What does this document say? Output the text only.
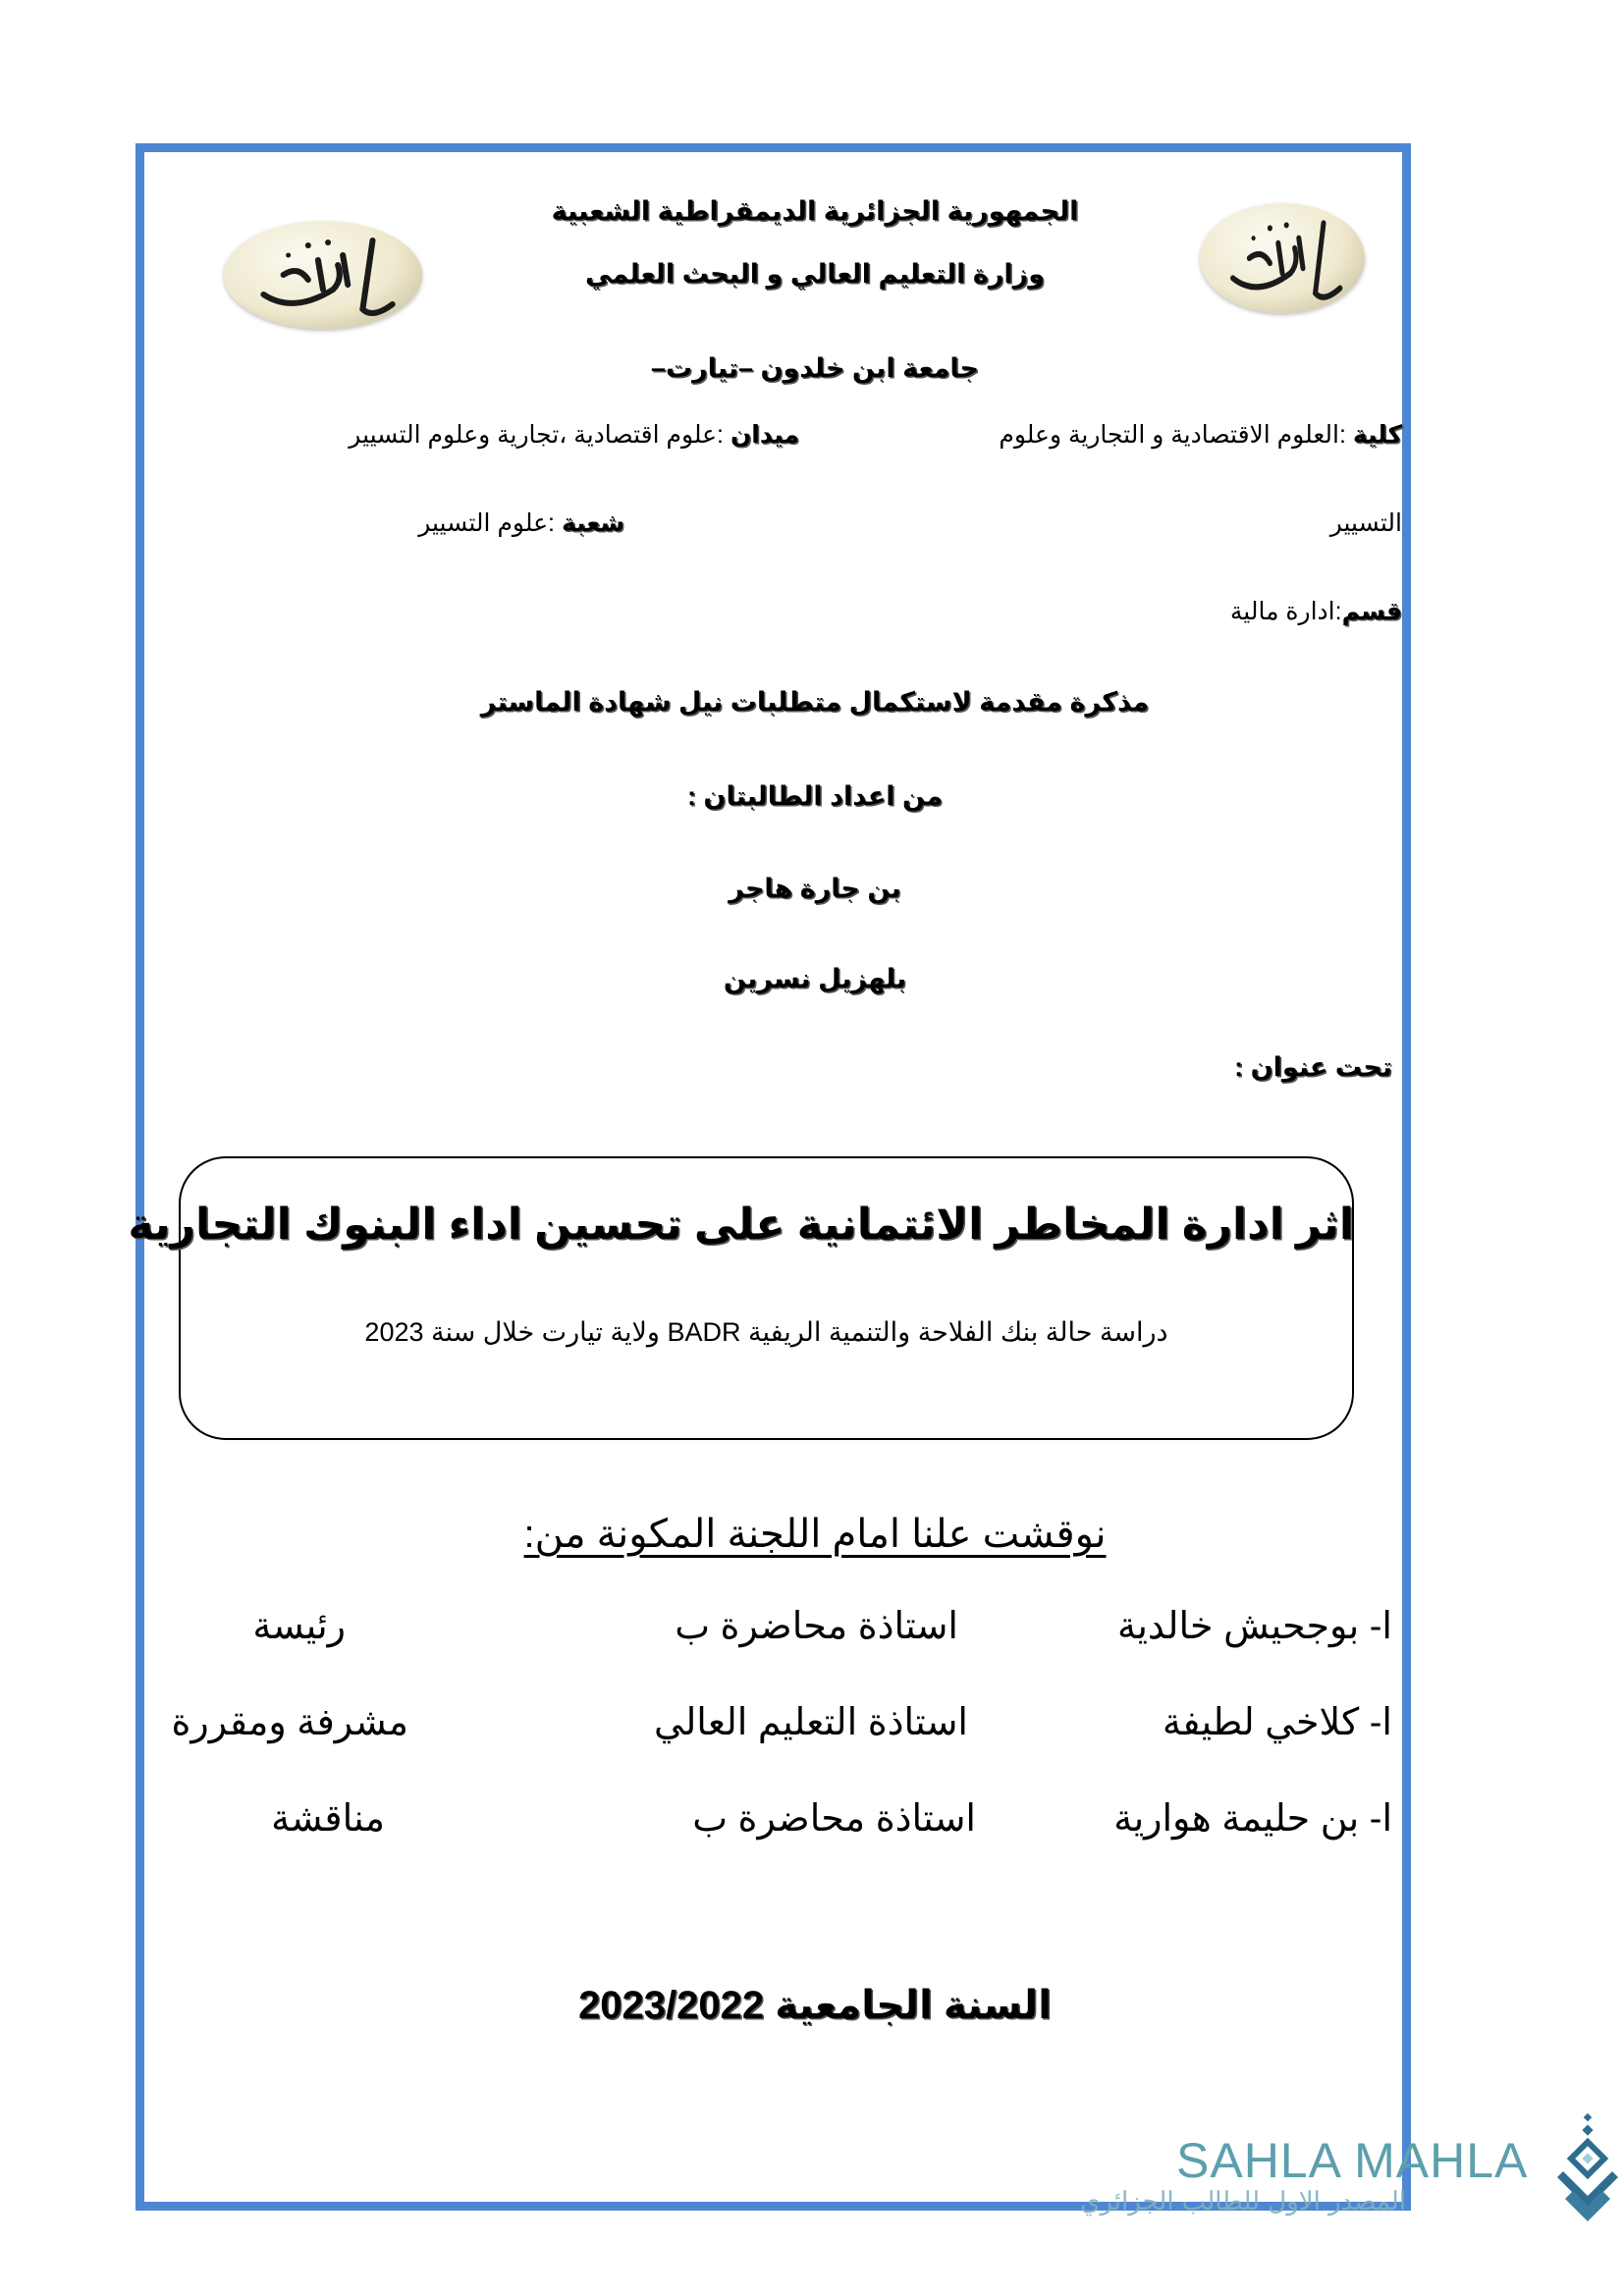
الجمهورية الجزائرية الديمقراطية الشعبية
وزارة التعليم العالي و البحث العلمي
جامعة ابن خلدون –تيارت–
كلية :العلوم الاقتصادية و التجارية وعلوم
ميدان :علوم اقتصادية ،تجارية وعلوم التسيير
التسيير
شعبة :علوم التسيير
قسم:ادارة مالية
مذكرة مقدمة لاستكمال متطلبات نيل شهادة الماستر
من اعداد الطالبتان :
بن جارة هاجر
بلهزيل نسرين
تحت عنوان :
اثر ادارة المخاطر الائتمانية على تحسين اداء البنوك التجارية
دراسة حالة بنك الفلاحة والتنمية الريفية BADR ولاية تيارت خلال سنة 2023
نوقشت علنا امام اللجنة المكونة من:
ا- بوجحيش خالدية
استاذة محاضرة ب
رئيسة
ا- كلاخي لطيفة
استاذة التعليم العالي
مشرفة ومقررة
ا- بن حليمة هوارية
استاذة محاضرة ب
مناقشة
السنة الجامعية 2023/2022
SAHLA MAHLA
المصدر الاول للطالب الجزائري
